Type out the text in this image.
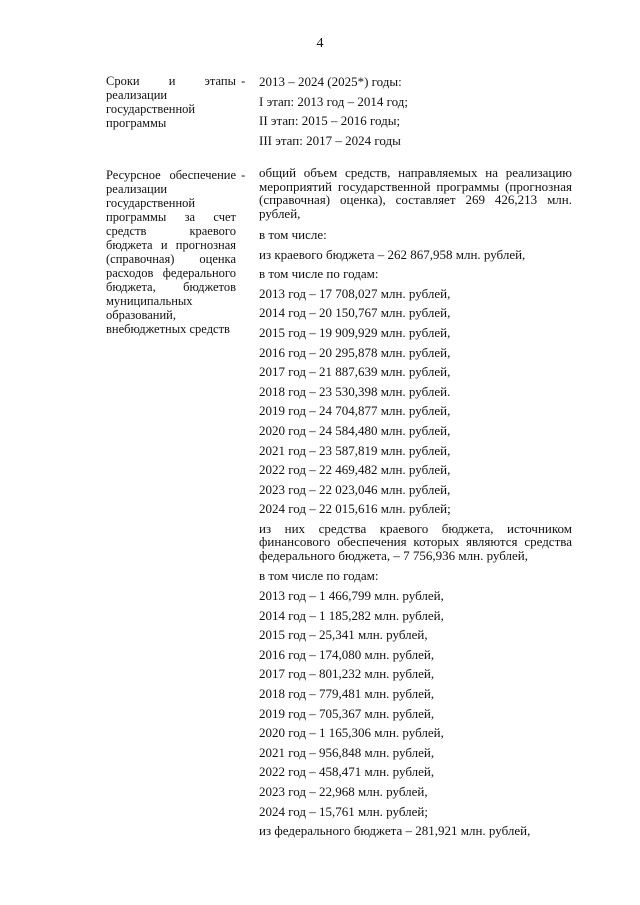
4
Сроки и этапы реализации государственной программы
-	2013 – 2024 (2025*) годы:
I этап: 2013 год – 2014 год;
II этап: 2015 – 2016 годы;
III этап: 2017 – 2024 годы
Ресурсное обеспечение реализации государственной программы за счет средств краевого бюджета и прогнозная (справочная) оценка расходов федерального бюджета, бюджетов муниципальных образований, внебюджетных средств
-	общий объем средств, направляемых на реализацию мероприятий государственной программы (прогнозная (справочная) оценка), составляет 269 426,213 млн. рублей,
в том числе:
из краевого бюджета – 262 867,958 млн. рублей,
в том числе по годам:
2013 год – 17 708,027 млн. рублей,
2014 год – 20 150,767 млн. рублей,
2015 год – 19 909,929 млн. рублей,
2016 год – 20 295,878 млн. рублей,
2017 год – 21 887,639 млн. рублей,
2018 год – 23 530,398 млн. рублей.
2019 год – 24 704,877 млн. рублей,
2020 год – 24 584,480 млн. рублей,
2021 год – 23 587,819 млн. рублей,
2022 год – 22 469,482 млн. рублей,
2023 год – 22 023,046 млн. рублей,
2024 год – 22 015,616 млн. рублей;
из них средства краевого бюджета, источником финансового обеспечения которых являются средства федерального бюджета, – 7 756,936 млн. рублей,
в том числе по годам:
2013 год – 1 466,799 млн. рублей,
2014 год – 1 185,282 млн. рублей,
2015 год – 25,341 млн. рублей,
2016 год – 174,080 млн. рублей,
2017 год – 801,232 млн. рублей,
2018 год – 779,481 млн. рублей,
2019 год – 705,367 млн. рублей,
2020 год – 1 165,306 млн. рублей,
2021 год – 956,848 млн. рублей,
2022 год – 458,471 млн. рублей,
2023 год – 22,968 млн. рублей,
2024 год – 15,761 млн. рублей;
из федерального бюджета – 281,921 млн. рублей,
